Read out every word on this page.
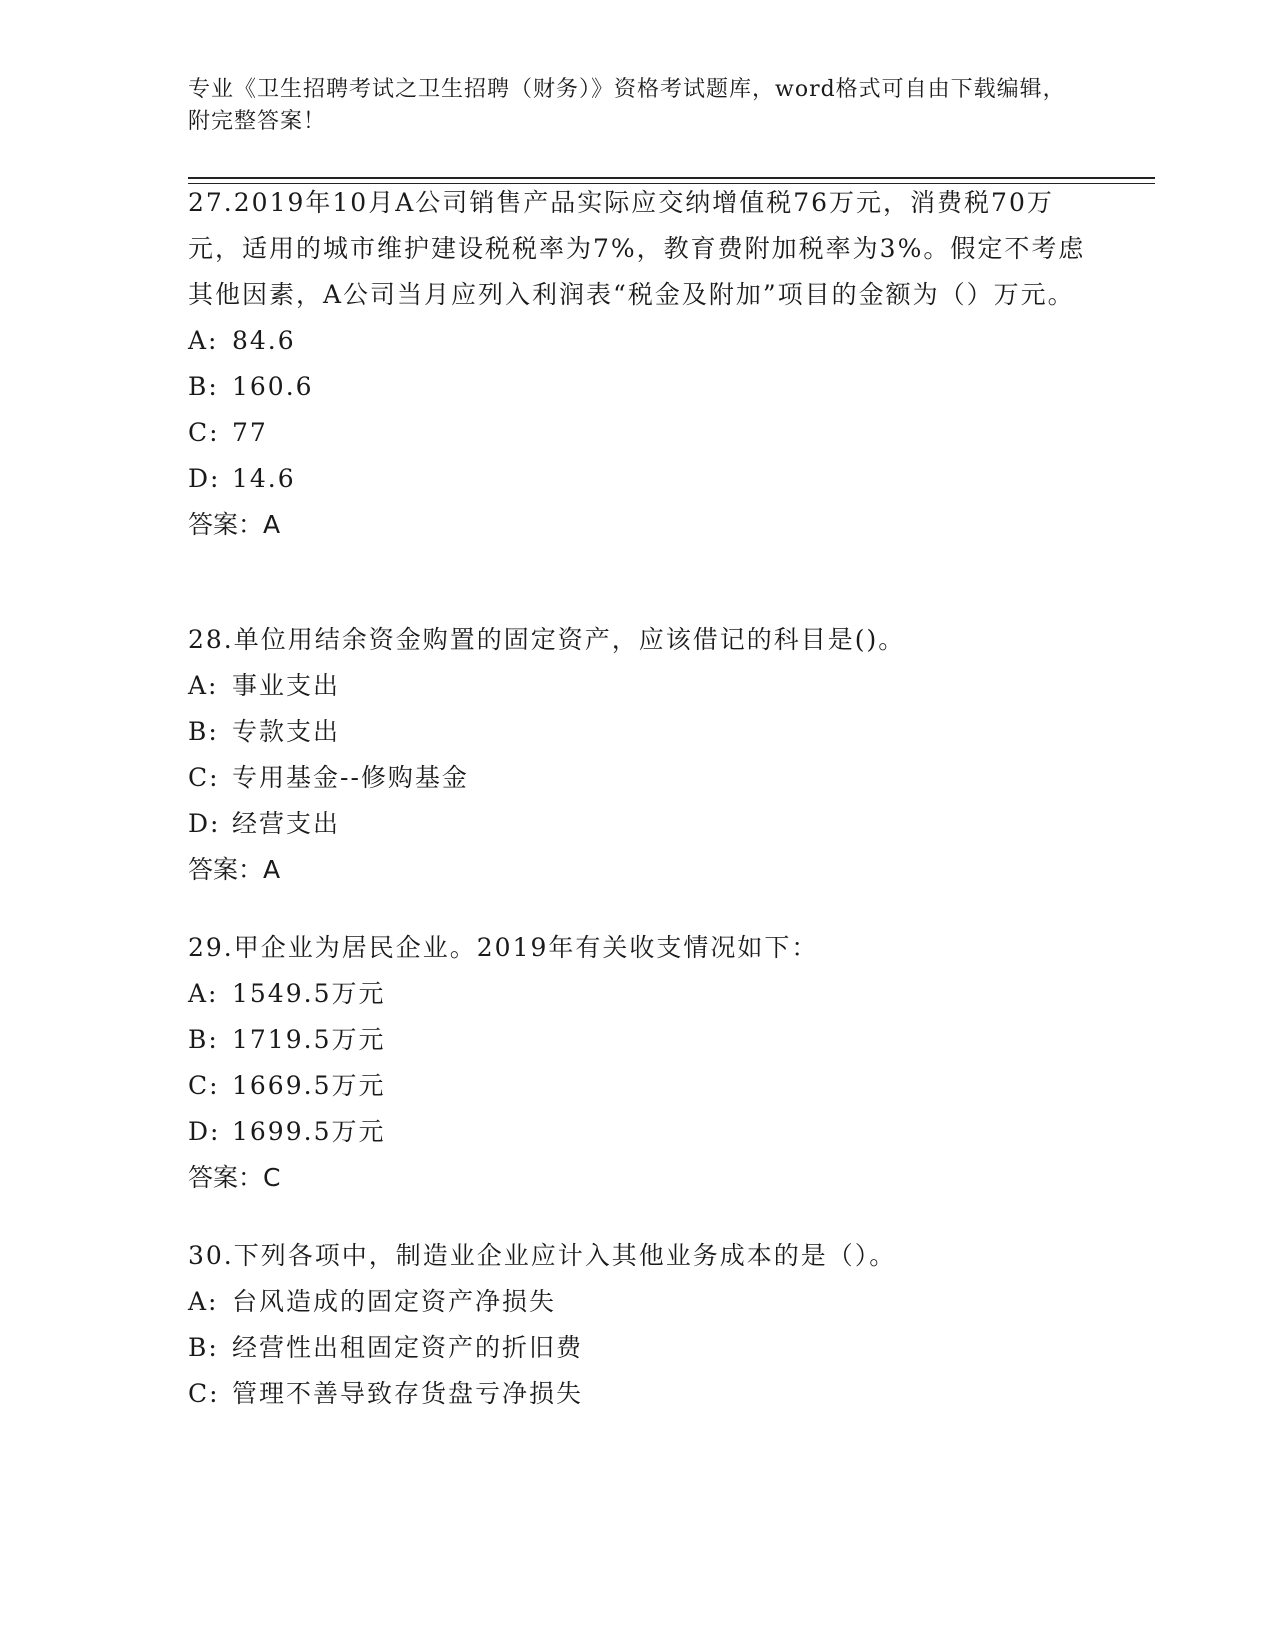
专业《卫生招聘考试之卫生招聘（财务）》资格考试题库，word格式可自由下载编辑，附完整答案！

27.2019年10月A公司销售产品实际应交纳增值税76万元，消费税70万元，适用的城市维护建设税税率为7%，教育费附加税率为3%。假定不考虑其他因素，A公司当月应列入利润表“税金及附加”项目的金额为（）万元。

A: 84.6

B: 160.6

C: 77

D: 14.6

答案：A

28.单位用结余资金购置的固定资产，应该借记的科目是()。

A: 事业支出

B: 专款支出

C: 专用基金--修购基金

D: 经营支出

答案：A

29.甲企业为居民企业。2019年有关收支情况如下：

A: 1549.5万元

B: 1719.5万元

C: 1669.5万元

D: 1699.5万元

答案：C

30.下列各项中，制造业企业应计入其他业务成本的是（）。

A: 台风造成的固定资产净损失

B: 经营性出租固定资产的折旧费

C: 管理不善导致存货盘亏净损失
